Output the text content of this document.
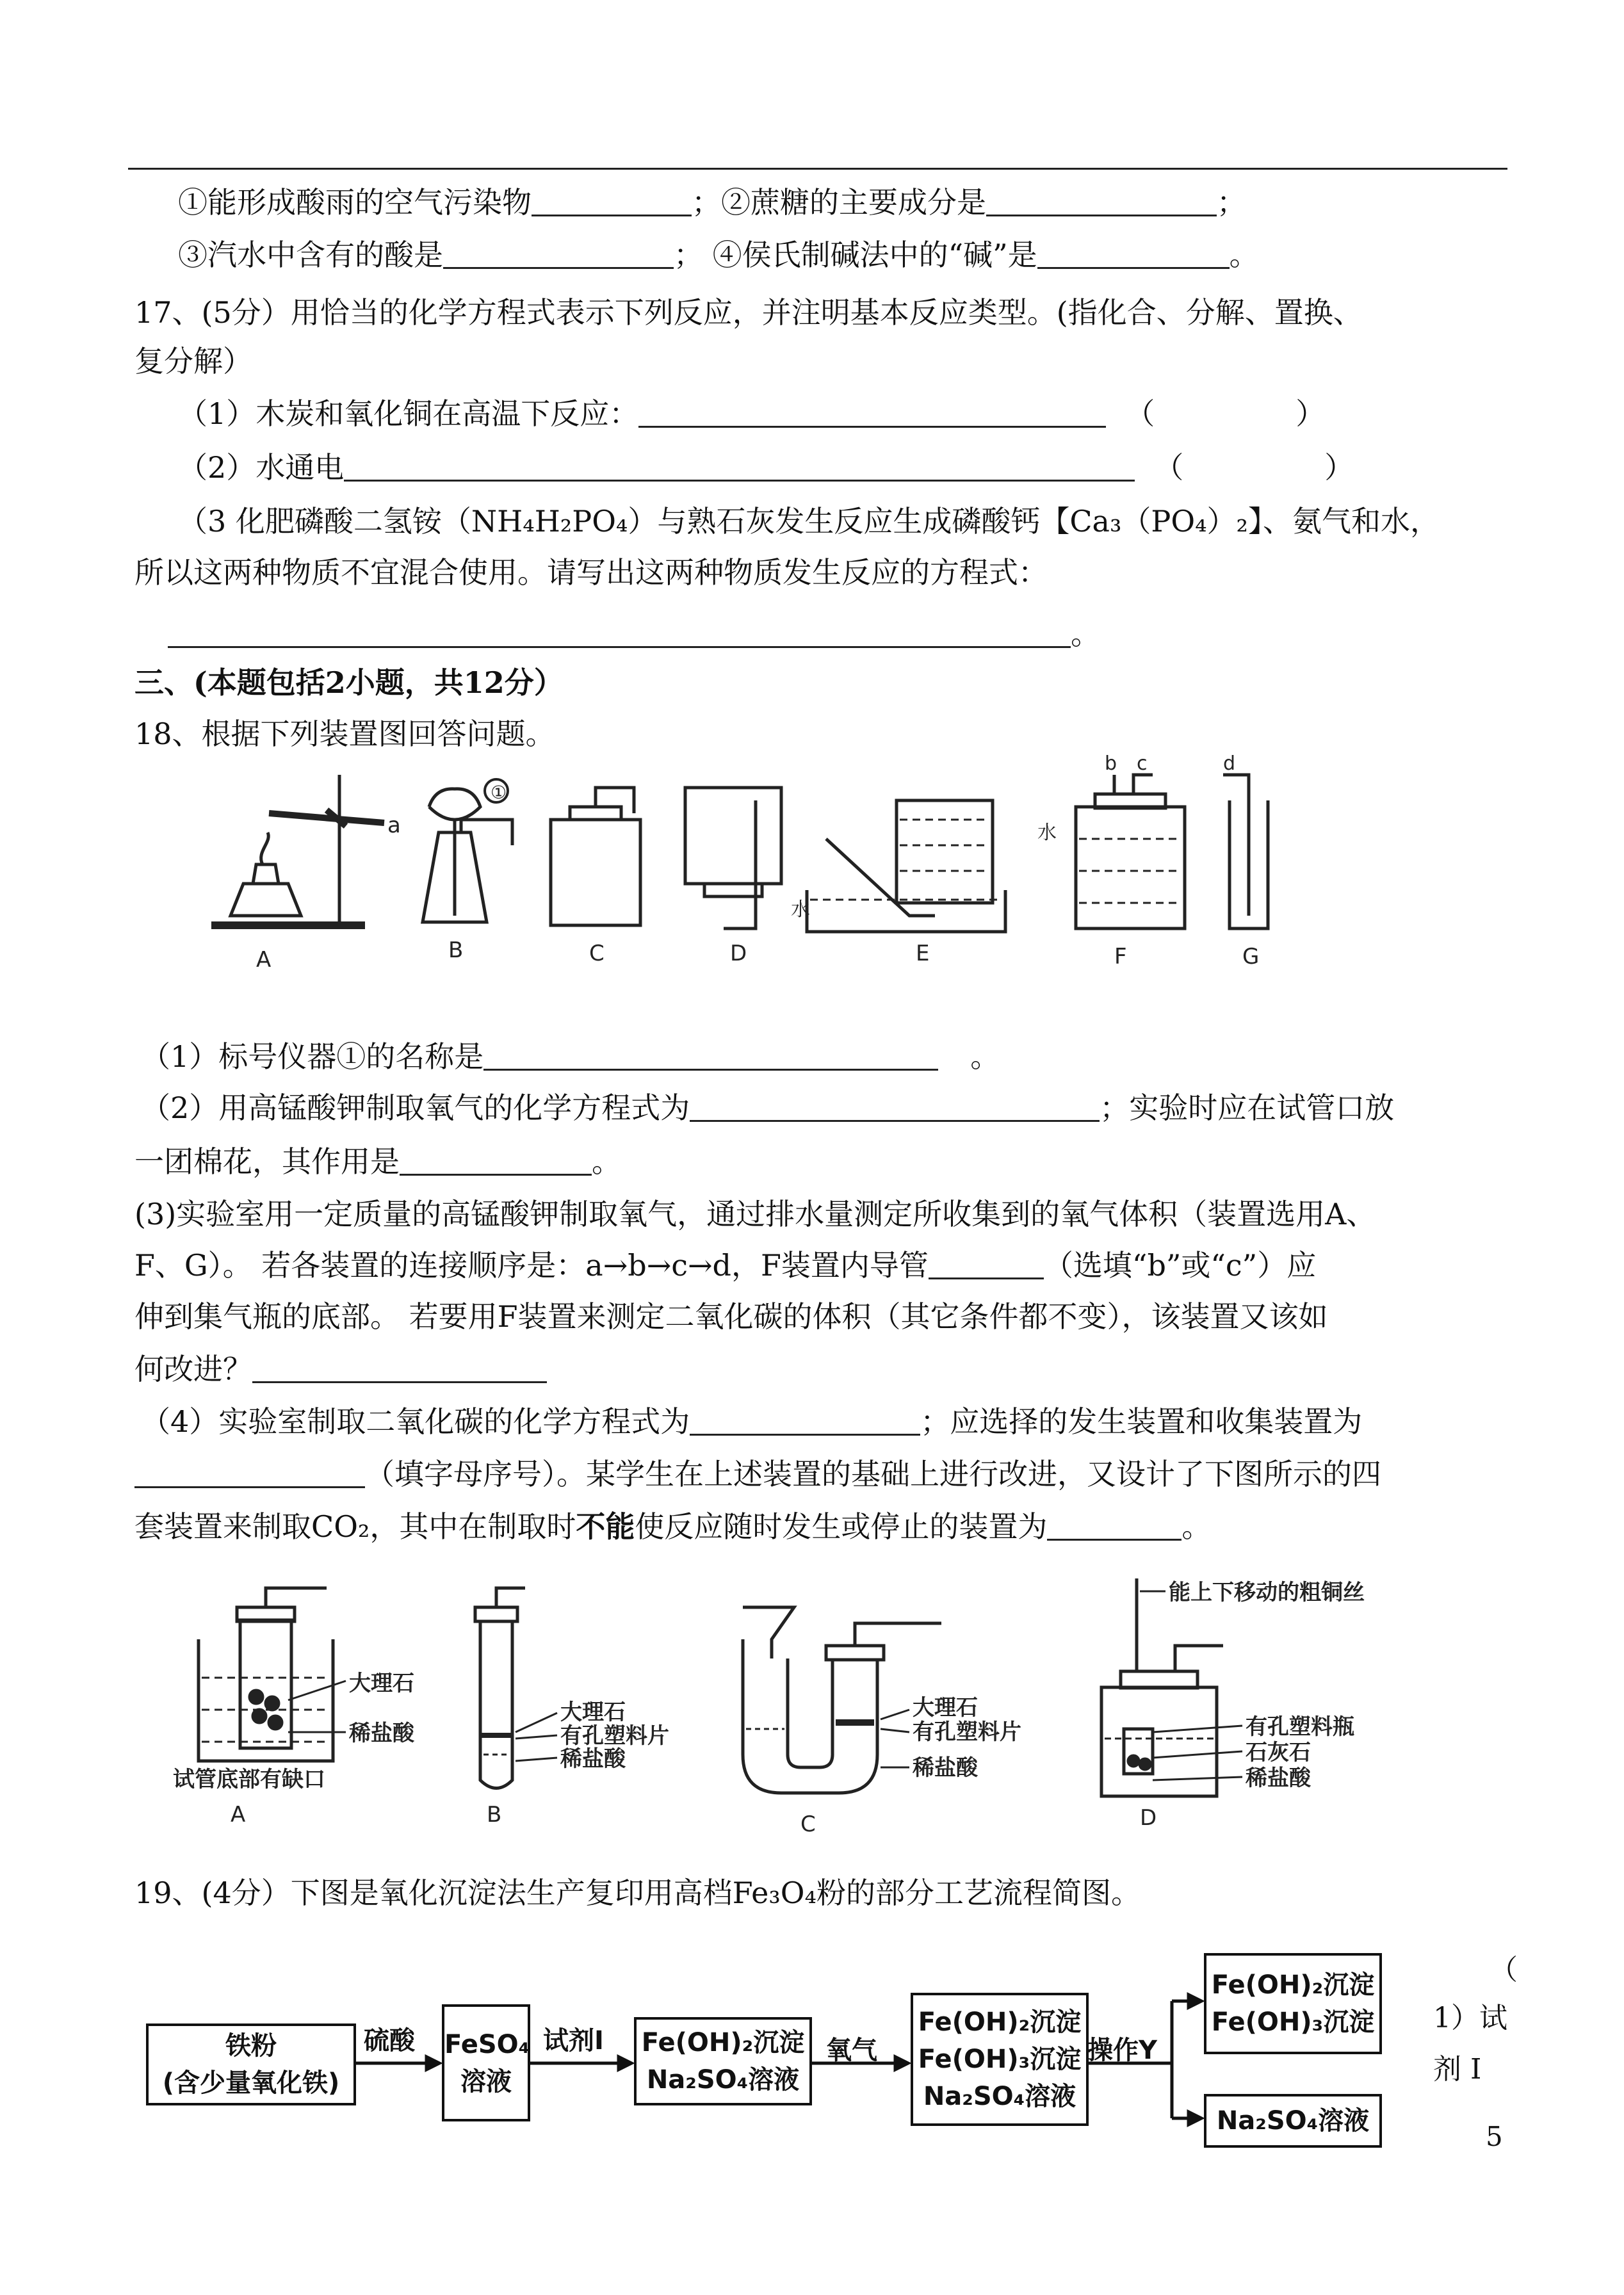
①能形成酸雨的空气污染物	；②蔗糖的主要成分是	；
③汽水中含有的酸是	； ④侯氏制碱法中的“碱”是	。
17、(5分）用恰当的化学方程式表示下列反应，并注明基本反应类型。(指化合、分解、置换、
复分解）
（1）木炭和氧化铜在高温下反应：	（	）
（2）水通电	（	）
（3 化肥磷酸二氢铵（NH₄H₂PO₄）与熟石灰发生反应生成磷酸钙【Ca₃（PO₄）₂】、氨气和水，
所以这两种物质不宜混合使用。请写出这两种物质发生反应的方程式：
。
三、(本题包括2小题，共12分）
18、根据下列装置图回答问题。
a
A
①
B	C	D
水
E
b c
水
F
d
G
（1）标号仪器①的名称是	。
（2）用高锰酸钾制取氧气的化学方程式为	；实验时应在试管口放
一团棉花，其作用是	。
(3)实验室用一定质量的高锰酸钾制取氧气，通过排水量测定所收集到的氧气体积（装置选用A、
F、G）。 若各装置的连接顺序是：a→b→c→d，F装置内导管	（选填“b”或“c”）应
伸到集气瓶的底部。 若要用F装置来测定二氧化碳的体积（其它条件都不变），该装置又该如
何改进？
（4）实验室制取二氧化碳的化学方程式为	；应选择的发生装置和收集装置为
（填字母序号）。某学生在上述装置的基础上进行改进，又设计了下图所示的四
套装置来制取CO₂，其中在制取时不能使反应随时发生或停止的装置为	。
大理石
稀盐酸
试管底部有缺口
A
大理石
有孔塑料片
稀盐酸
B
大理石
有孔塑料片
稀盐酸
C
能上下移动的粗铜丝
有孔塑料瓶
石灰石
稀盐酸
D
19、(4分）下图是氧化沉淀法生产复印用高档Fe₃O₄粉的部分工艺流程简图。
铁粉
(含少量氧化铁)
FeSO₄
溶液
Fe(OH)₂沉淀
Na₂SO₄溶液
Fe(OH)₂沉淀
Fe(OH)₃沉淀
Na₂SO₄溶液
Fe(OH)₂沉淀
Fe(OH)₃沉淀
Na₂SO₄溶液
硫酸	试剂Ⅰ	氧气	操作Y
（
1）试
剂 I
5
